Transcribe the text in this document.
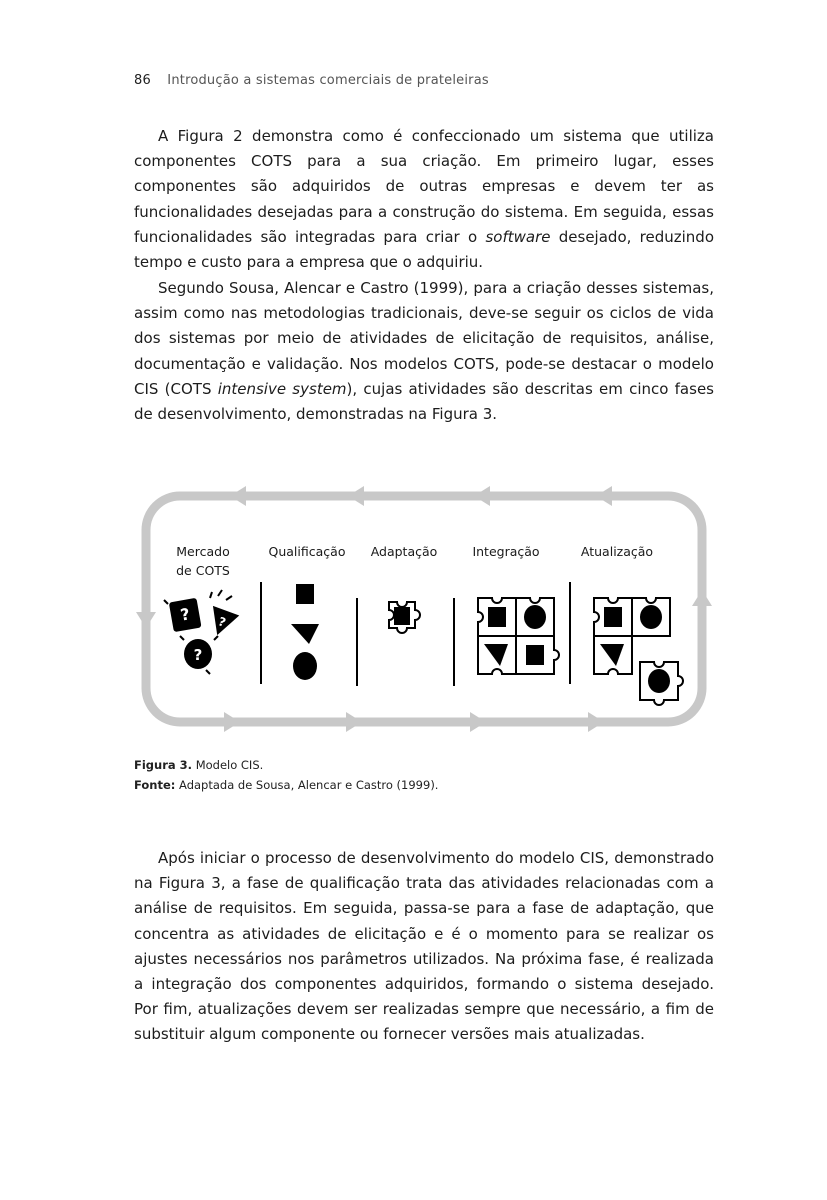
86 Introdução a sistemas comerciais de prateleiras

A Figura 2 demonstra como é confeccionado um sistema que utiliza componentes COTS para a sua criação. Em primeiro lugar, esses componentes são adquiridos de outras empresas e devem ter as funcionalidades desejadas para a construção do sistema. Em seguida, essas funcionalidades são integradas para criar o software desejado, reduzindo tempo e custo para a empresa que o adquiriu.

Segundo Sousa, Alencar e Castro (1999), para a criação desses sistemas, assim como nas metodologias tradicionais, deve-se seguir os ciclos de vida dos sistemas por meio de atividades de elicitação de requisitos, análise, documentação e validação. Nos modelos COTS, pode-se destacar o modelo CIS (COTS intensive system), cujas atividades são descritas em cinco fases de desenvolvimento, demonstradas na Figura 3.

Mercado
de COTS
Qualificação Adaptação	Integração	Atualização
? ?
?
Figura 3. Modelo CIS.
Fonte: Adaptada de Sousa, Alencar e Castro (1999).

Após iniciar o processo de desenvolvimento do modelo CIS, demonstrado na Figura 3, a fase de qualificação trata das atividades relacionadas com a análise de requisitos. Em seguida, passa-se para a fase de adaptação, que concentra as atividades de elicitação e é o momento para se realizar os ajustes necessários nos parâmetros utilizados. Na próxima fase, é realizada a integração dos componentes adquiridos, formando o sistema desejado. Por fim, atualizações devem ser realizadas sempre que necessário, a fim de substituir algum componente ou fornecer versões mais atualizadas.
